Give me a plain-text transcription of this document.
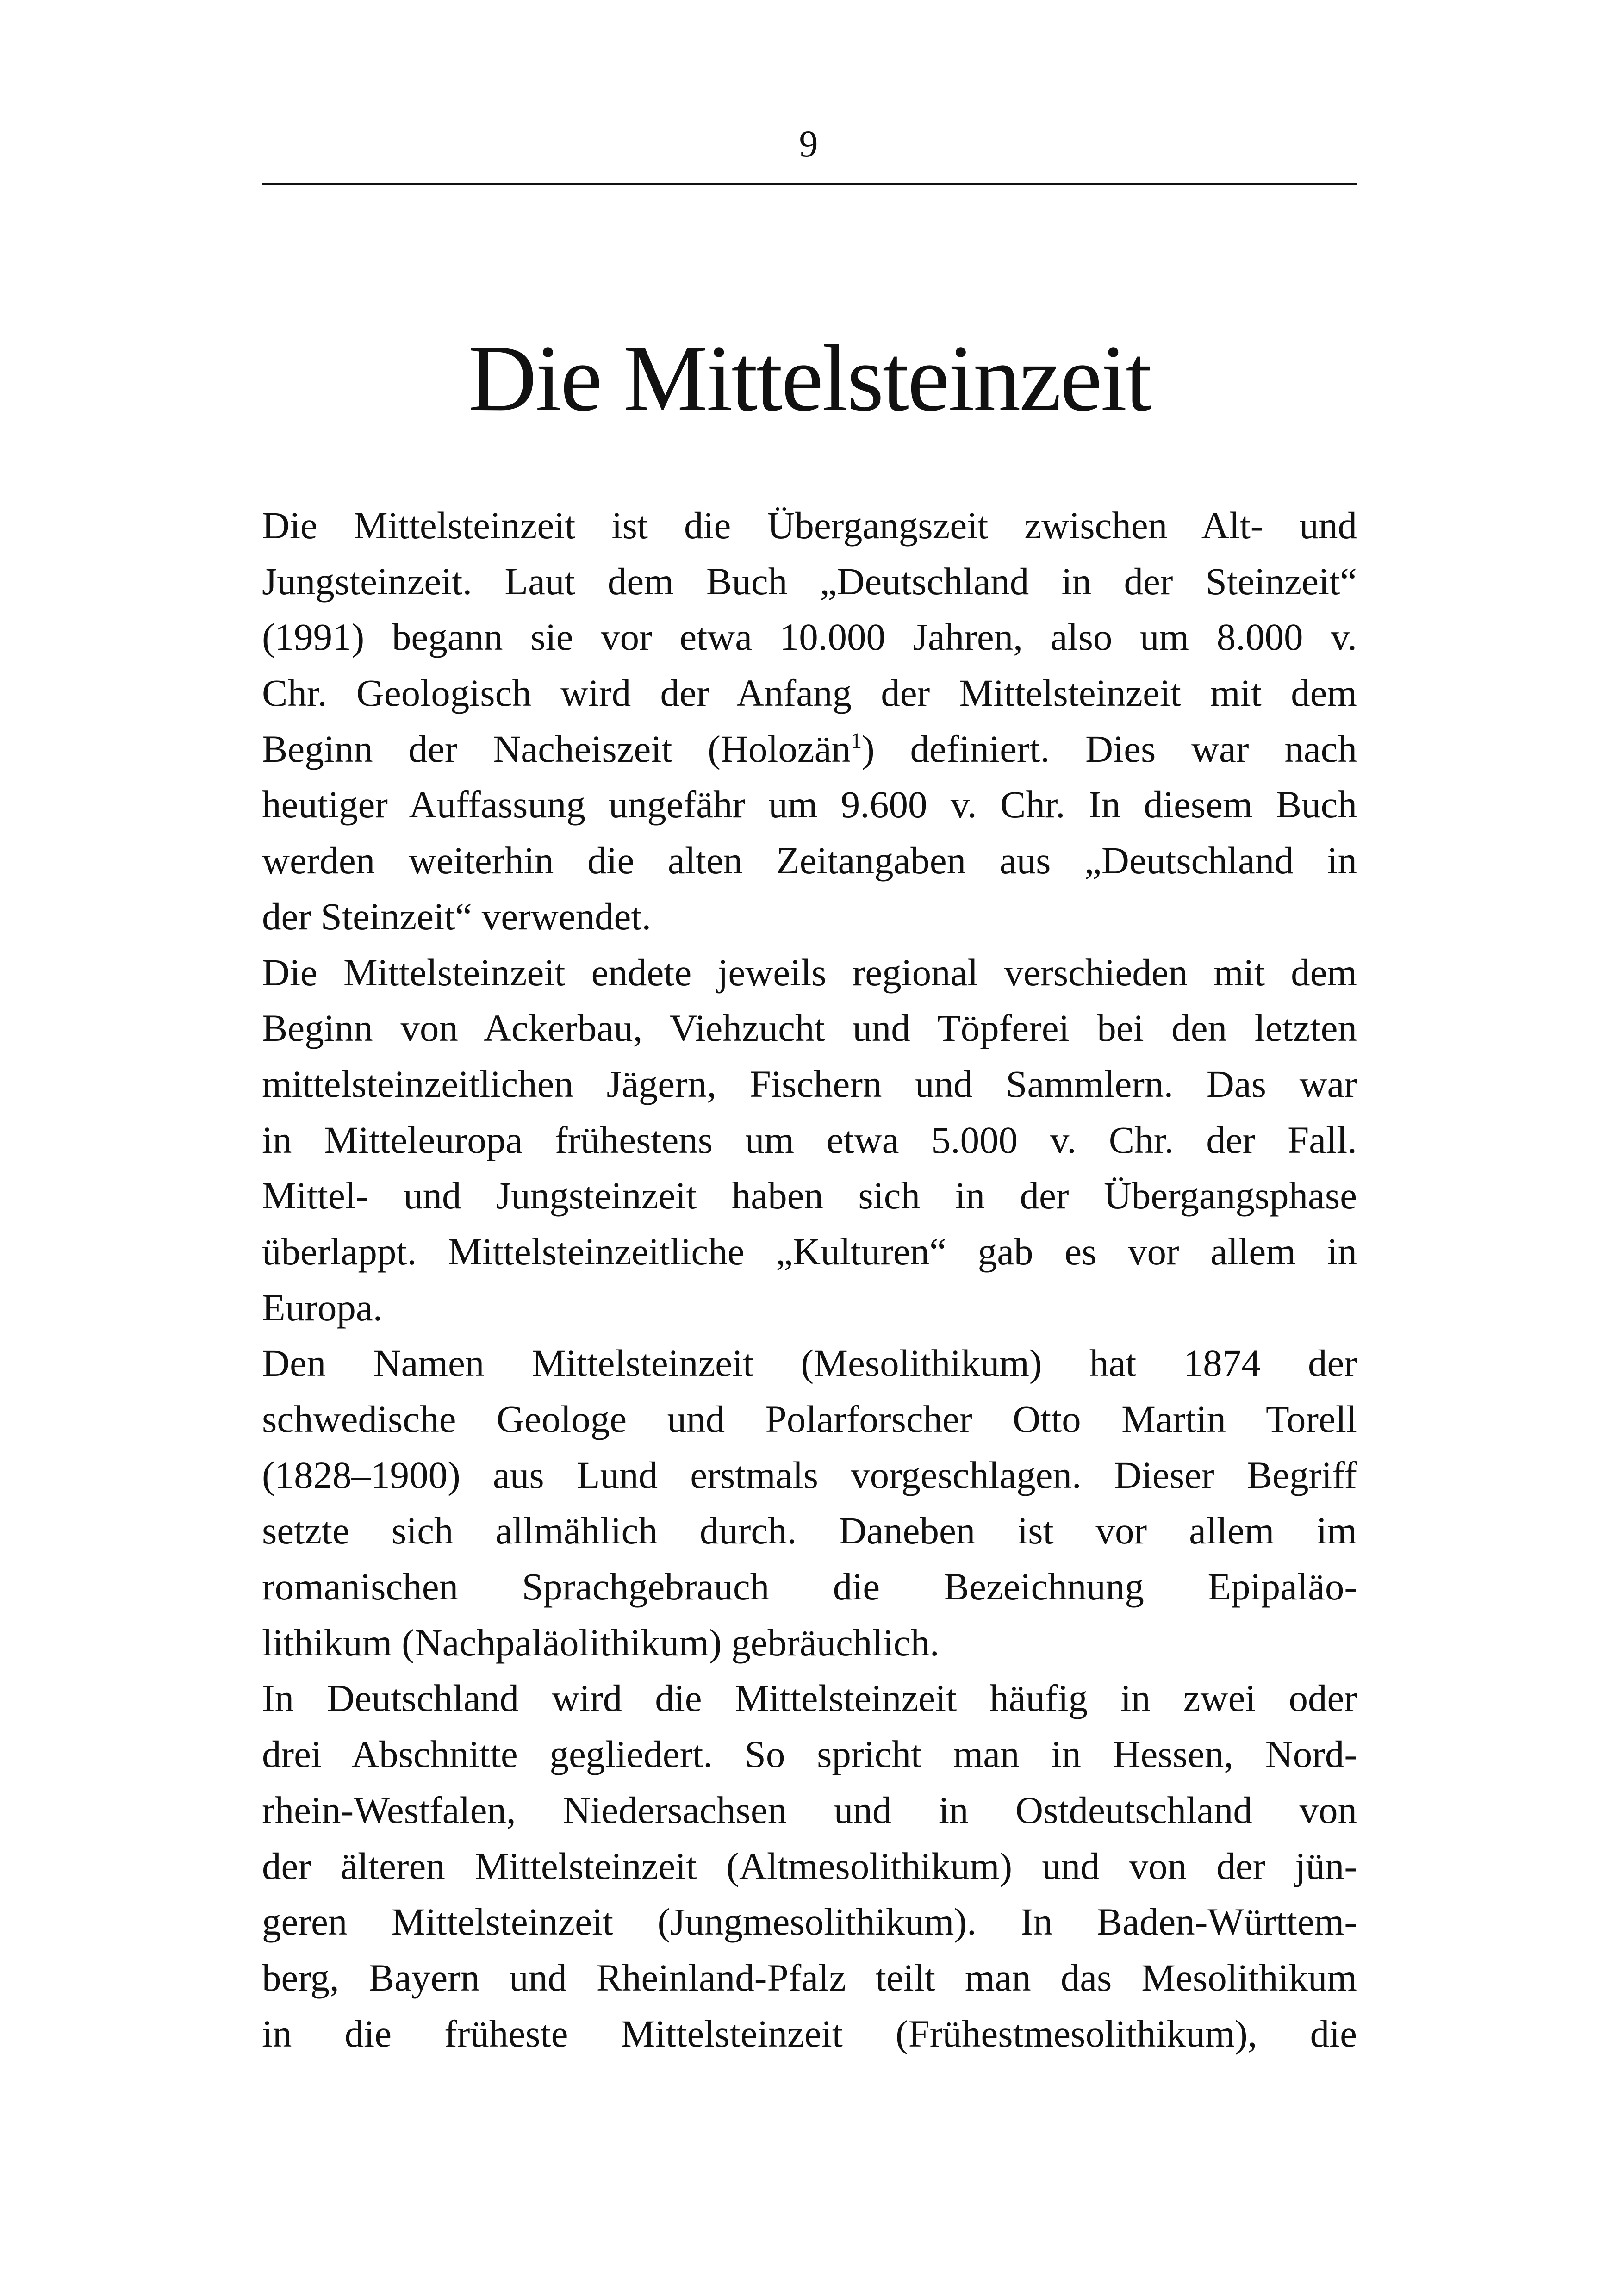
9
Die Mittelsteinzeit
Die Mittelsteinzeit ist die Übergangszeit zwischen Alt- und
Jungsteinzeit. Laut dem Buch „Deutschland in der Steinzeit“
(1991) begann sie vor etwa 10.000 Jahren, also um 8.000 v.
Chr. Geologisch wird der Anfang der Mittelsteinzeit mit dem
Beginn der Nacheiszeit (Holozän$^1$) definiert. Dies war nach
heutiger Auffassung ungefähr um 9.600 v. Chr. In diesem Buch
werden weiterhin die alten Zeitangaben aus „Deutschland in
der Steinzeit“ verwendet.
Die Mittelsteinzeit endete jeweils regional verschieden mit dem
Beginn von Ackerbau, Viehzucht und Töpferei bei den letzten
mittelsteinzeitlichen Jägern, Fischern und Sammlern. Das war
in Mitteleuropa frühestens um etwa 5.000 v. Chr. der Fall.
Mittel- und Jungsteinzeit haben sich in der Übergangsphase
überlappt. Mittelsteinzeitliche „Kulturen“ gab es vor allem in
Europa.
Den Namen Mittelsteinzeit (Mesolithikum) hat 1874 der
schwedische Geologe und Polarforscher Otto Martin Torell
(1828–1900) aus Lund erstmals vorgeschlagen. Dieser Begriff
setzte sich allmählich durch. Daneben ist vor allem im
romanischen Sprachgebrauch die Bezeichnung Epipaläo-
lithikum (Nachpaläolithikum) gebräuchlich.
In Deutschland wird die Mittelsteinzeit häufig in zwei oder
drei Abschnitte gegliedert. So spricht man in Hessen, Nord-
rhein-Westfalen, Niedersachsen und in Ostdeutschland von
der älteren Mittelsteinzeit (Altmesolithikum) und von der jün-
geren Mittelsteinzeit (Jungmesolithikum). In Baden-Württem-
berg, Bayern und Rheinland-Pfalz teilt man das Mesolithikum
in die früheste Mittelsteinzeit (Frühestmesolithikum), die
